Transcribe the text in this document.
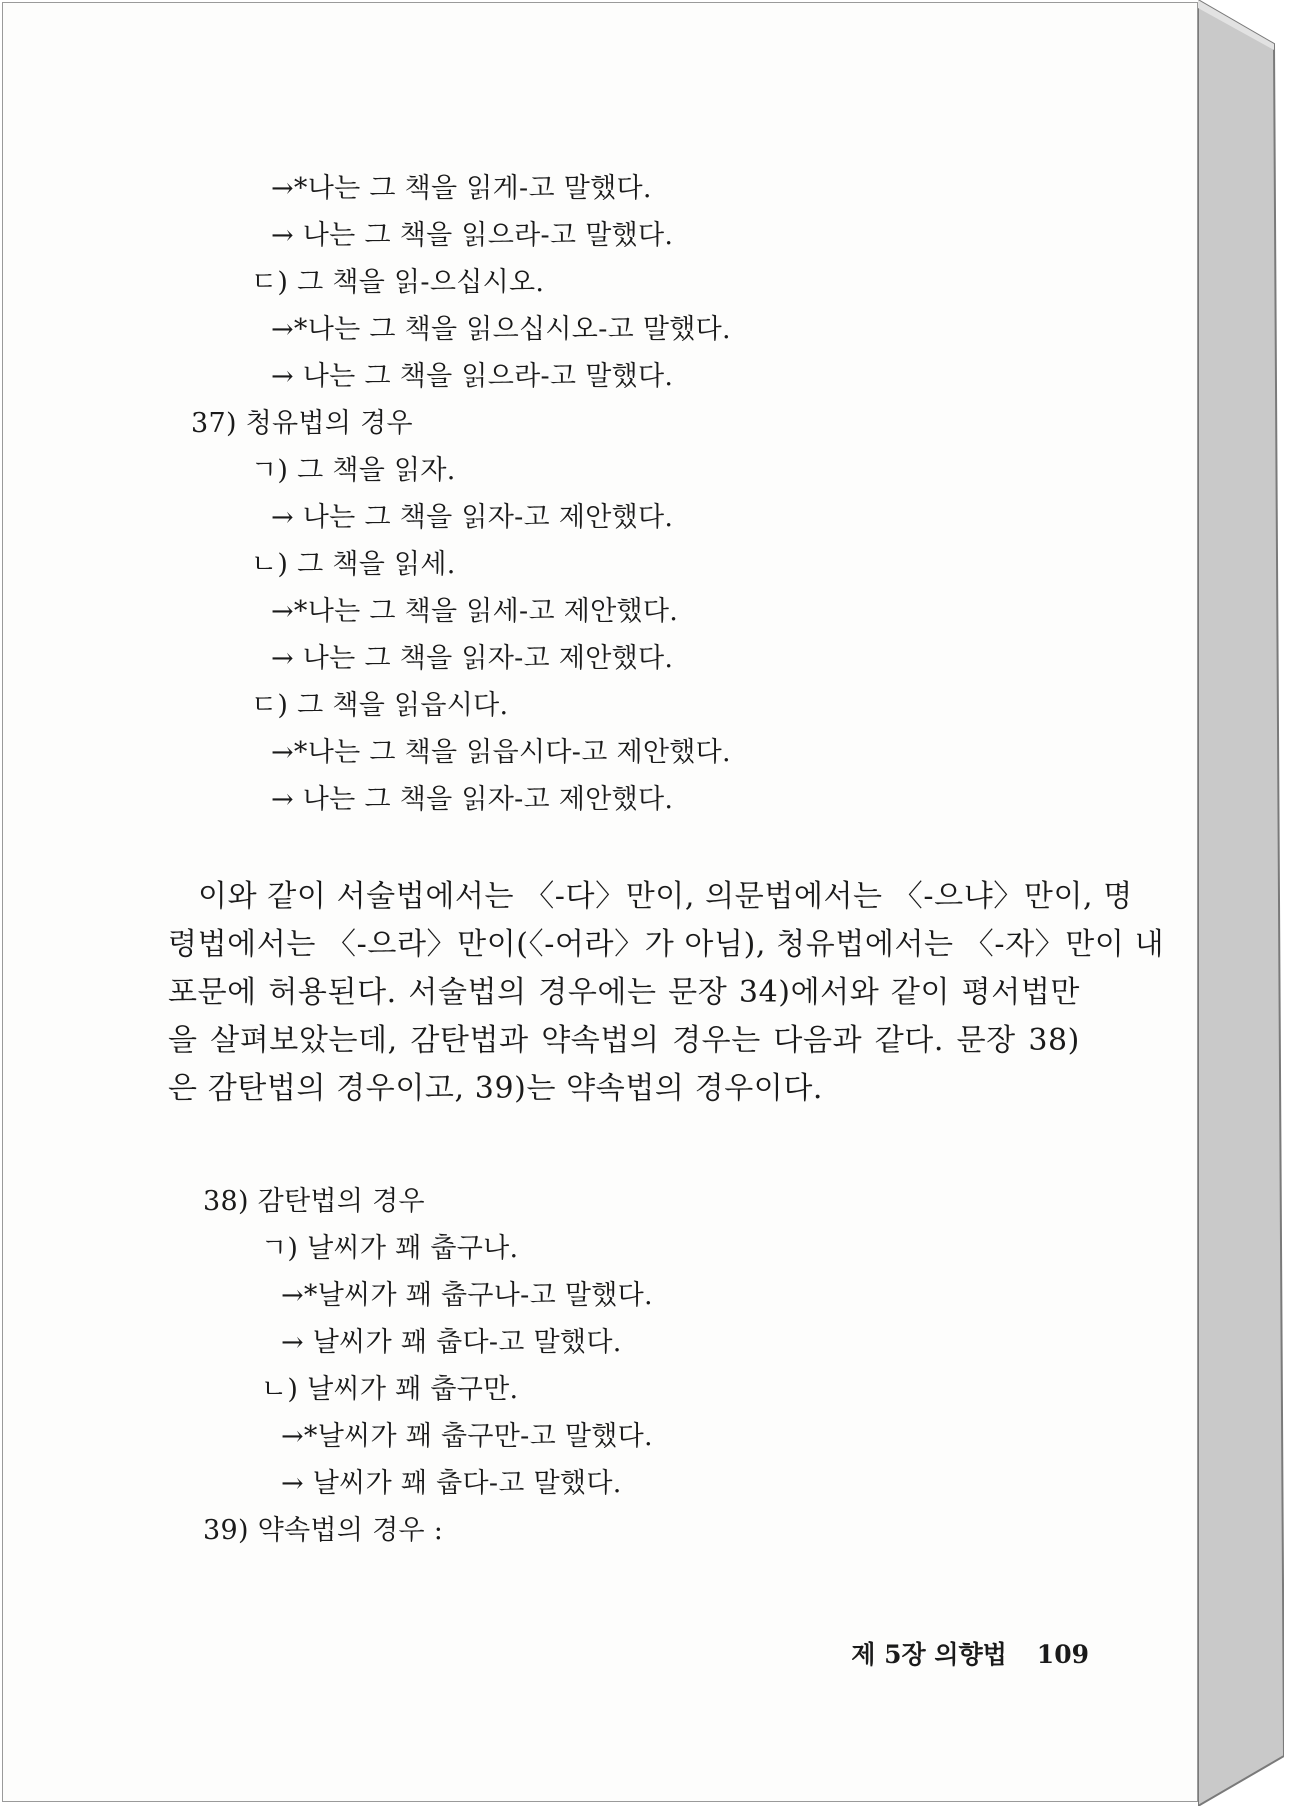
→*나는 그 책을 읽게-고 말했다.
→ 나는 그 책을 읽으라-고 말했다.
ㄷ) 그 책을 읽-으십시오.
→*나는 그 책을 읽으십시오-고 말했다.
→ 나는 그 책을 읽으라-고 말했다.
37) 청유법의 경우
ㄱ) 그 책을 읽자.
→ 나는 그 책을 읽자-고 제안했다.
ㄴ) 그 책을 읽세.
→*나는 그 책을 읽세-고 제안했다.
→ 나는 그 책을 읽자-고 제안했다.
ㄷ) 그 책을 읽읍시다.
→*나는 그 책을 읽읍시다-고 제안했다.
→ 나는 그 책을 읽자-고 제안했다.
이와 같이 서술법에서는 〈-다〉만이, 의문법에서는 〈-으냐〉만이, 명
령법에서는 〈-으라〉만이(〈-어라〉가 아님), 청유법에서는 〈-자〉만이 내
포문에 허용된다. 서술법의 경우에는 문장 34)에서와 같이 평서법만
을 살펴보았는데, 감탄법과 약속법의 경우는 다음과 같다. 문장 38)
은 감탄법의 경우이고, 39)는 약속법의 경우이다.
38) 감탄법의 경우
ㄱ) 날씨가 꽤 춥구나.
→*날씨가 꽤 춥구나-고 말했다.
→ 날씨가 꽤 춥다-고 말했다.
ㄴ) 날씨가 꽤 춥구만.
→*날씨가 꽤 춥구만-고 말했다.
→ 날씨가 꽤 춥다-고 말했다.
39) 약속법의 경우 :

제 5장 의향법 109
